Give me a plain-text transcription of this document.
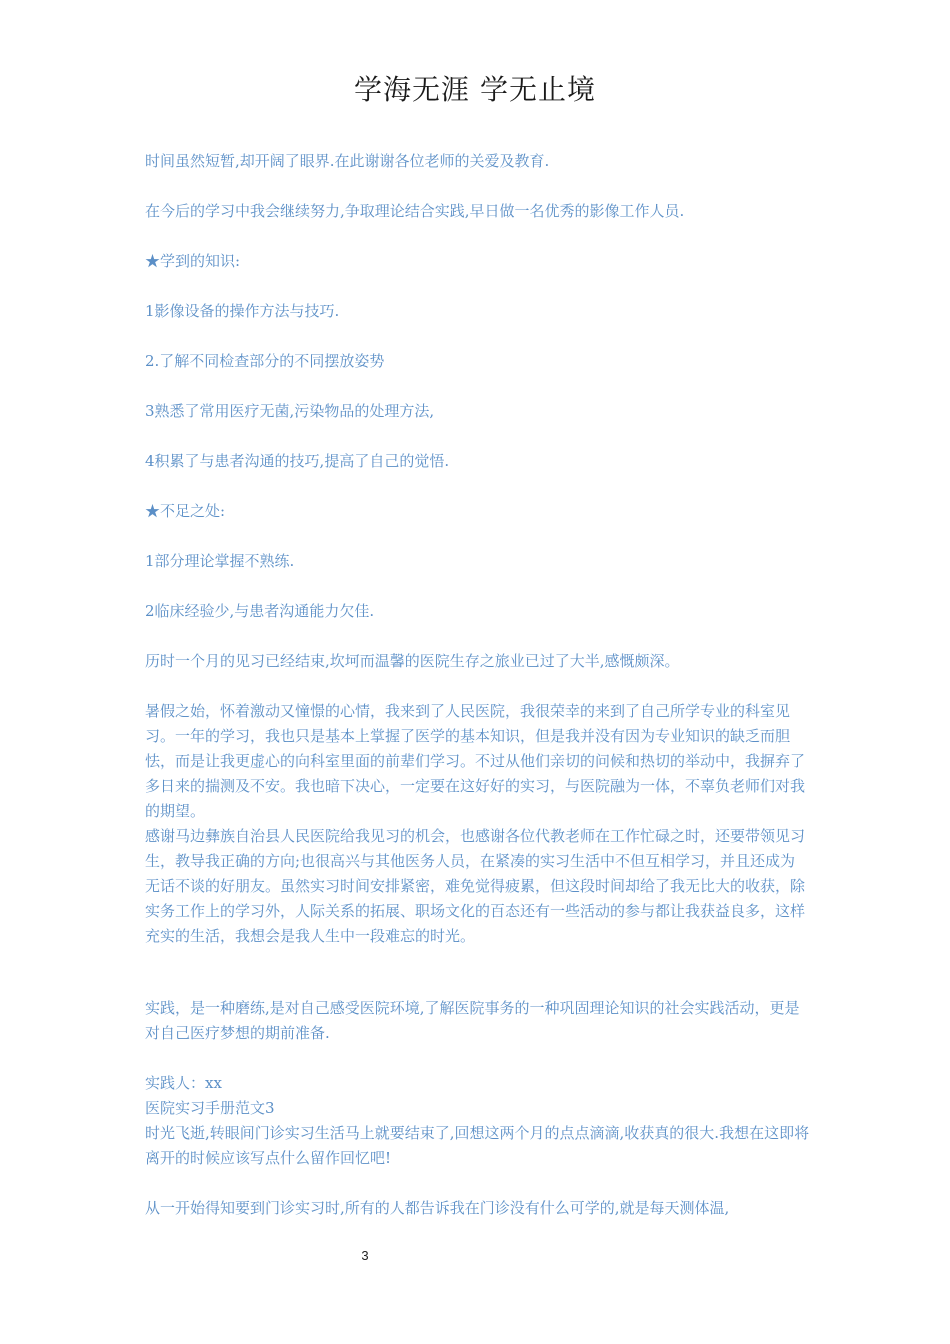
学海无涯 学无止境

时间虽然短暂,却开阔了眼界.在此谢谢各位老师的关爱及教育.

在今后的学习中我会继续努力,争取理论结合实践,早日做一名优秀的影像工作人员.

★学到的知识:

1影像设备的操作方法与技巧.

2.了解不同检查部分的不同摆放姿势

3熟悉了常用医疗无菌,污染物品的处理方法,

4积累了与患者沟通的技巧,提高了自己的觉悟.

★不足之处:

1部分理论掌握不熟练.

2临床经验少,与患者沟通能力欠佳.

历时一个月的见习已经结束,坎坷而温馨的医院生存之旅业已过了大半,感慨颇深。

暑假之始，怀着激动又憧憬的心情，我来到了人民医院，我很荣幸的来到了自己所学专业的科室见习。一年的学习，我也只是基本上掌握了医学的基本知识，但是我并没有因为专业知识的缺乏而胆怯，而是让我更虚心的向科室里面的前辈们学习。不过从他们亲切的问候和热切的举动中，我摒弃了多日来的揣测及不安。我也暗下决心，一定要在这好好的实习，与医院融为一体，不辜负老师们对我的期望。

感谢马边彝族自治县人民医院给我见习的机会，也感谢各位代教老师在工作忙碌之时，还要带领见习生，教导我正确的方向;也很高兴与其他医务人员，在紧凑的实习生活中不但互相学习，并且还成为无话不谈的好朋友。虽然实习时间安排紧密，难免觉得疲累，但这段时间却给了我无比大的收获，除实务工作上的学习外，人际关系的拓展、职场文化的百态还有一些活动的参与都让我获益良多，这样充实的生活，我想会是我人生中一段难忘的时光。

实践，是一种磨练,是对自己感受医院环境,了解医院事务的一种巩固理论知识的社会实践活动，更是对自己医疗梦想的期前准备.

实践人：xx

医院实习手册范文3

时光飞逝,转眼间门诊实习生活马上就要结束了,回想这两个月的点点滴滴,收获真的很大.我想在这即将离开的时候应该写点什么留作回忆吧!

从一开始得知要到门诊实习时,所有的人都告诉我在门诊没有什么可学的,就是每天测体温,

3
